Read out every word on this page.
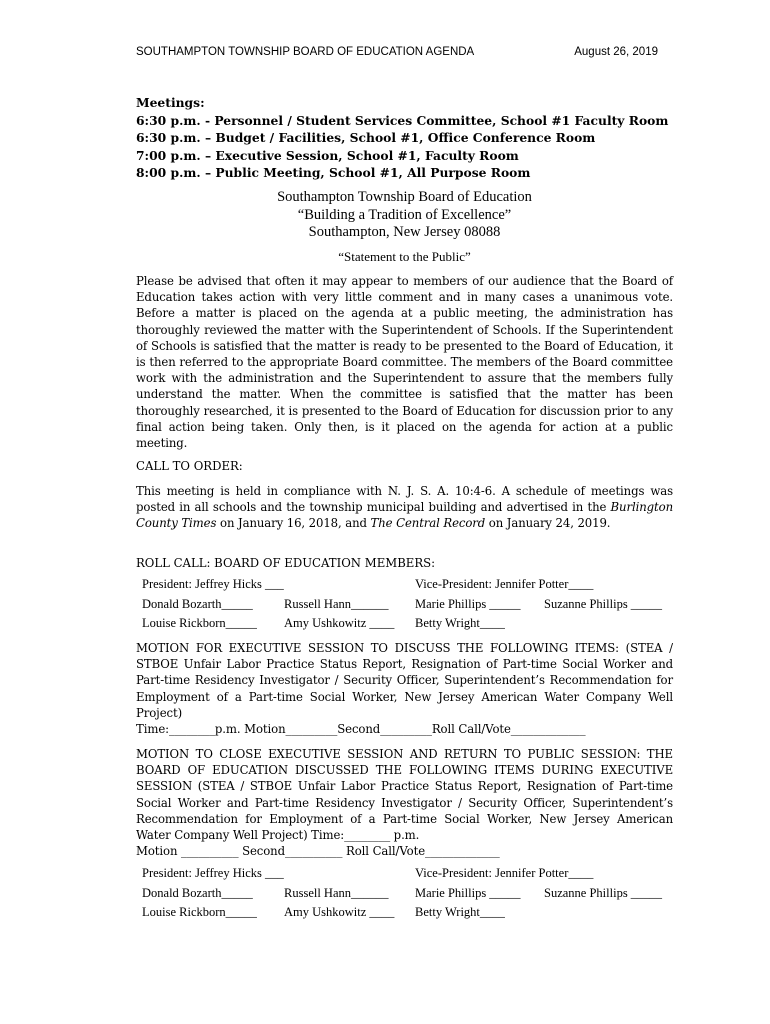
SOUTHAMPTON TOWNSHIP BOARD OF EDUCATION AGENDA	August 26, 2019
Meetings:
6:30 p.m. - Personnel / Student Services Committee, School #1 Faculty Room
6:30 p.m. – Budget / Facilities, School #1, Office Conference Room
7:00 p.m. – Executive Session, School #1, Faculty Room
8:00 p.m. – Public Meeting, School #1, All Purpose Room
Southampton Township Board of Education
“Building a Tradition of Excellence”
Southampton, New Jersey 08088
“Statement to the Public”
Please be advised that often it may appear to members of our audience that the Board of Education takes action with very little comment and in many cases a unanimous vote. Before a matter is placed on the agenda at a public meeting, the administration has thoroughly reviewed the matter with the Superintendent of Schools. If the Superintendent of Schools is satisfied that the matter is ready to be presented to the Board of Education, it is then referred to the appropriate Board committee. The members of the Board committee work with the administration and the Superintendent to assure that the members fully understand the matter. When the committee is satisfied that the matter has been thoroughly researched, it is presented to the Board of Education for discussion prior to any final action being taken. Only then, is it placed on the agenda for action at a public meeting.
CALL TO ORDER:
This meeting is held in compliance with N. J. S. A. 10:4-6. A schedule of meetings was posted in all schools and the township municipal building and advertised in the Burlington County Times on January 16, 2018, and The Central Record on January 24, 2019.
ROLL CALL: BOARD OF EDUCATION MEMBERS:
President: Jeffrey Hicks ___	Vice-President: Jennifer Potter____
Donald Bozarth_____	Russell Hann______ Marie Phillips _____ Suzanne Phillips _____
Louise Rickborn_____ Amy Ushkowitz ____ Betty Wright____
MOTION FOR EXECUTIVE SESSION TO DISCUSS THE FOLLOWING ITEMS: (STEA / STBOE Unfair Labor Practice Status Report, Resignation of Part-time Social Worker and Part-time Residency Investigator / Security Officer, Superintendent’s Recommendation for Employment of a Part-time Social Worker, New Jersey American Water Company Well Project)
Time:________p.m. Motion_________Second_________Roll Call/Vote_____________
MOTION TO CLOSE EXECUTIVE SESSION AND RETURN TO PUBLIC SESSION: THE BOARD OF EDUCATION DISCUSSED THE FOLLOWING ITEMS DURING EXECUTIVE SESSION (STEA / STBOE Unfair Labor Practice Status Report, Resignation of Part-time Social Worker and Part-time Residency Investigator / Security Officer, Superintendent’s Recommendation for Employment of a Part-time Social Worker, New Jersey American Water Company Well Project) Time:________ p.m.
Motion __________ Second__________ Roll Call/Vote_____________
President: Jeffrey Hicks ___	Vice-President: Jennifer Potter____
Donald Bozarth_____	Russell Hann______ Marie Phillips _____ Suzanne Phillips _____
Louise Rickborn_____ Amy Ushkowitz ____ Betty Wright____
